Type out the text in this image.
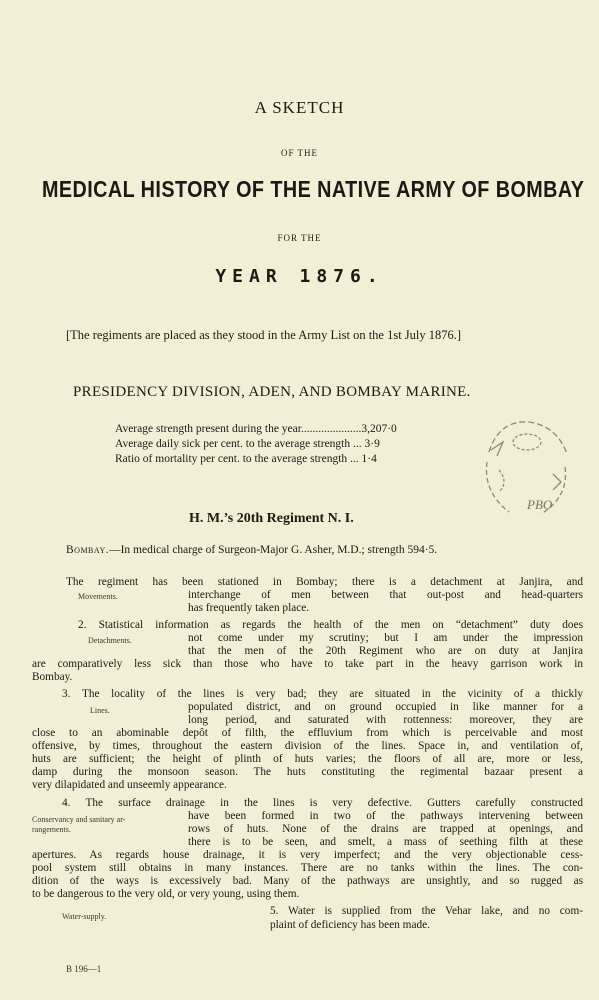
A SKETCH
OF THE
MEDICAL HISTORY OF THE NATIVE ARMY OF BOMBAY
FOR THE
YEAR 1876.
[The regiments are placed as they stood in the Army List on the 1st July 1876.]
PRESIDENCY DIVISION, ADEN, AND BOMBAY MARINE.
Average strength present during the year.....................3,207·0
Average daily sick per cent. to the average strength ... 3·9
Ratio of mortality per cent. to the average strength ... 1·4
PBO
H. M.’s 20th Regiment N. I.
Bombay.—In medical charge of Surgeon-Major G. Asher, M.D.; strength 594·5.
The regiment has been stationed in Bombay; there is a detachment at Janjira, and
interchange of men between that out-post and head-quarters
has frequently taken place.
Movements.
2. Statistical information as regards the health of the men on “detachment” duty does
not come under my scrutiny; but I am under the impression
that the men of the 20th Regiment who are on duty at Janjira
are comparatively less sick than those who have to take part in the heavy garrison work in
Bombay.
Detachments.
3. The locality of the lines is very bad; they are situated in the vicinity of a thickly
populated district, and on ground occupied in like manner for a
long period, and saturated with rottenness: moreover, they are
close to an abominable depôt of filth, the effluvium from which is perceivable and most
offensive, by times, throughout the eastern division of the lines. Space in, and ventilation of,
huts are sufficient; the height of plinth of huts varies; the floors of all are, more or less,
damp during the monsoon season. The huts constituting the regimental bazaar present a
very dilapidated and unseemly appearance.
Lines.
4. The surface drainage in the lines is very defective. Gutters carefully constructed
have been formed in two of the pathways intervening between
rows of huts. None of the drains are trapped at openings, and
there is to be seen, and smelt, a mass of seething filth at these
apertures. As regards house drainage, it is very imperfect; and the very objectionable cess-
pool system still obtains in many instances. There are no tanks within the lines. The con-
dition of the ways is excessively bad. Many of the pathways are unsightly, and so rugged as
to be dangerous to the very old, or very young, using them.
Conservancy and sanitary ar-
rangements.
5. Water is supplied from the Vehar lake, and no com-
plaint of deficiency has been made.
Water-supply.
B 196—1
